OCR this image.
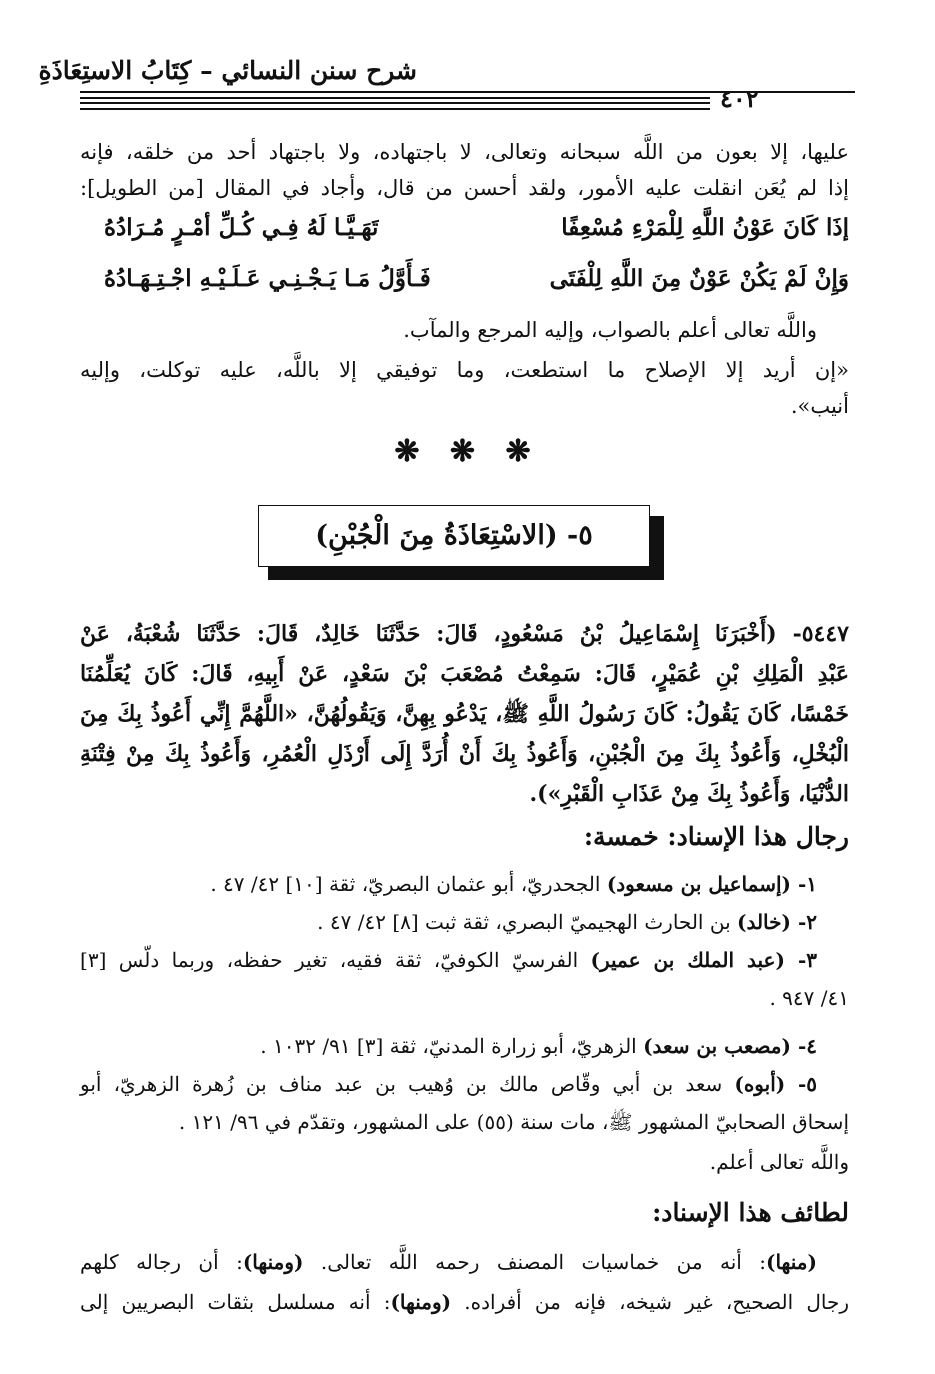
شرح سنن النسائي – كِتَابُ الاستِعَاذَةِ
٤٠٢
عليها، إلا بعون من اللَّه سبحانه وتعالى، لا باجتهاده، ولا باجتهاد أحد من خلقه، فإنه
إذا لم يُعَن انقلت عليه الأمور، ولقد أحسن من قال، وأجاد في المقال [من الطويل]:
إذَا كَانَ عَوْنُ اللَّهِ لِلْمَرْءِ مُسْعِفًا
تَهَـيَّـا لَهُ فِـي كُـلِّ أمْـرٍ مُـرَادُهُ
وَإِنْ لَمْ يَكُنْ عَوْنٌ مِنَ اللَّهِ لِلْفَتَى
فَـأَوَّلُ مَـا يَـجْـنِـي عَـلَـيْـهِ اجْـتِـهَـادُهُ
واللَّه تعالى أعلم بالصواب، وإليه المرجع والمآب.
«إن أريد إلا الإصلاح ما استطعت، وما توفيقي إلا باللَّه، عليه توكلت، وإليه
أنيب».
❋ ❋ ❋
٥- (الاسْتِعَاذَةُ مِنَ الْجُبْنِ)
٥٤٤٧- (أَخْبَرَنَا إِسْمَاعِيلُ بْنُ مَسْعُودٍ، قَالَ: حَدَّثَنَا خَالِدٌ، قَالَ: حَدَّثَنَا شُعْبَةُ، عَنْ
عَبْدِ الْمَلِكِ بْنِ عُمَيْرٍ، قَالَ: سَمِعْتُ مُصْعَبَ بْنَ سَعْدٍ، عَنْ أَبِيهِ، قَالَ: كَانَ يُعَلِّمُنَا
خَمْسًا، كَانَ يَقُولُ: كَانَ رَسُولُ اللَّهِ ﷺ، يَدْعُو بِهِنَّ، وَيَقُولُهُنَّ، «اللَّهُمَّ إِنِّي أَعُوذُ بِكَ مِنَ
الْبُخْلِ، وَأَعُوذُ بِكَ مِنَ الْجُبْنِ، وَأَعُوذُ بِكَ أَنْ أُرَدَّ إِلَى أَرْذَلِ الْعُمُرِ، وَأَعُوذُ بِكَ مِنْ فِتْنَةِ
الدُّنْيَا، وَأَعُوذُ بِكَ مِنْ عَذَابِ الْقَبْرِ»).
رجال هذا الإسناد: خمسة:
١- (إسماعيل بن مسعود) الجحدريّ، أبو عثمان البصريّ، ثقة [١٠] ٤٢/ ٤٧ .
٢- (خالد) بن الحارث الهجيميّ البصري، ثقة ثبت [٨] ٤٢/ ٤٧ .
٣- (عبد الملك بن عمير) الفرسيّ الكوفيّ، ثقة فقيه، تغير حفظه، وربما دلّس [٣]
٤١/ ٩٤٧ .
٤- (مصعب بن سعد) الزهريّ، أبو زرارة المدنيّ، ثقة [٣] ٩١/ ١٠٣٢ .
٥- (أبوه) سعد بن أبي وقّاص مالك بن وُهيب بن عبد مناف بن زُهرة الزهريّ، أبو
إسحاق الصحابيّ المشهور ﷺ، مات سنة (٥٥) على المشهور، وتقدّم في ٩٦/ ١٢١ .
واللَّه تعالى أعلم.
لطائف هذا الإسناد:
(منها): أنه من خماسيات المصنف رحمه اللَّه تعالى. (ومنها): أن رجاله كلهم
رجال الصحيح، غير شيخه، فإنه من أفراده. (ومنها): أنه مسلسل بثقات البصريين إلى
